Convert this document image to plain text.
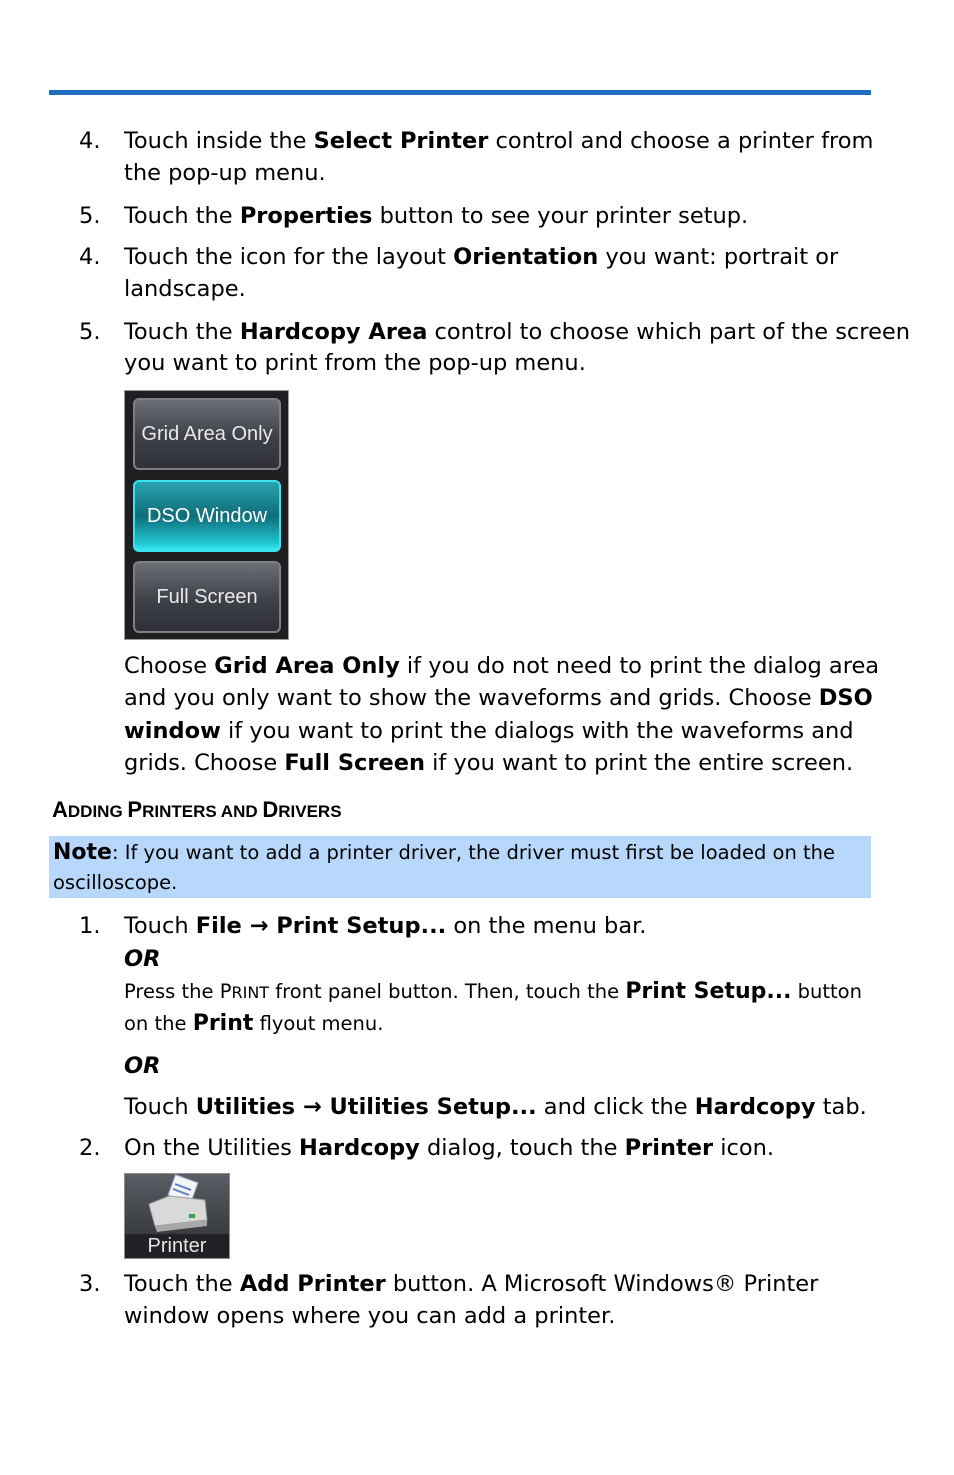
4. Touch inside the Select Printer control and choose a printer from
the pop-up menu.
5. Touch the Properties button to see your printer setup.
4. Touch the icon for the layout Orientation you want: portrait or
landscape.
5. Touch the Hardcopy Area control to choose which part of the screen
you want to print from the pop-up menu.
Grid Area Only
DSO Window
Full Screen
Choose Grid Area Only if you do not need to print the dialog area
and you only want to show the waveforms and grids. Choose DSO
window if you want to print the dialogs with the waveforms and
grids. Choose Full Screen if you want to print the entire screen.
ADDING PRINTERS AND DRIVERS
Note: If you want to add a printer driver, the driver must first be loaded on the
oscilloscope.
1. Touch File → Print Setup... on the menu bar.
OR
Press the PRINT front panel button. Then, touch the Print Setup... button
on the Print flyout menu.
OR
Touch Utilities → Utilities Setup... and click the Hardcopy tab.
2. On the Utilities Hardcopy dialog, touch the Printer icon.
Printer
3. Touch the Add Printer button. A Microsoft Windows® Printer
window opens where you can add a printer.
